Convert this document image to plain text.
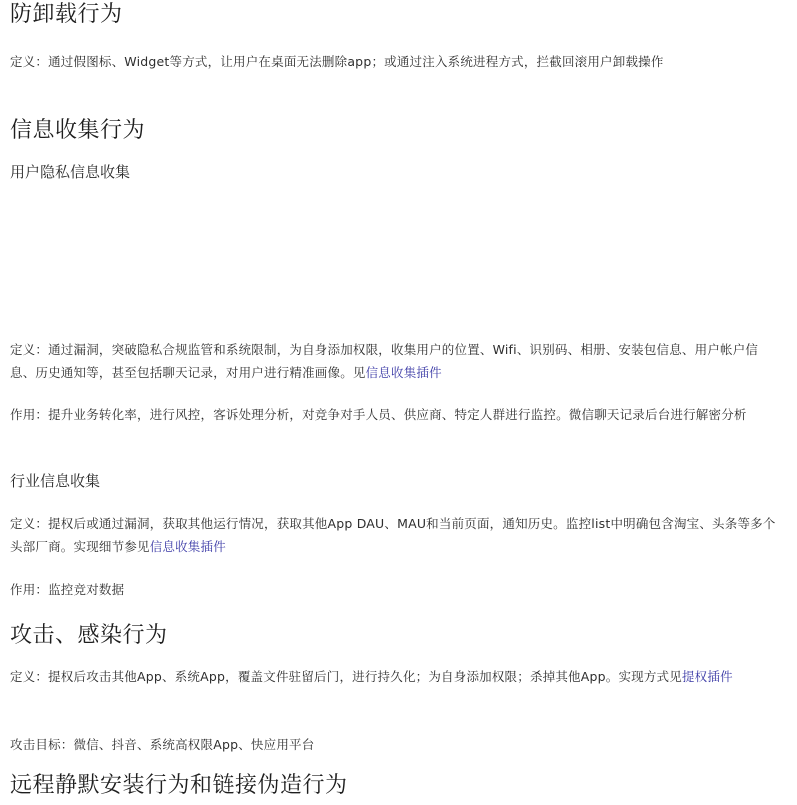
防卸载行为

定义：通过假图标、Widget等方式，让用户在桌面无法删除app；或通过注入系统进程方式，拦截回滚用户卸载操作

信息收集行为
用户隐私信息收集

定义：通过漏洞，突破隐私合规监管和系统限制，为自身添加权限，收集用户的位置、Wifi、识别码、相册、安装包信息、用户帐户信息、历史通知等，甚至包括聊天记录，对用户进行精准画像。见信息收集插件

作用：提升业务转化率，进行风控，客诉处理分析，对竞争对手人员、供应商、特定人群进行监控。微信聊天记录后台进行解密分析

行业信息收集

定义：提权后或通过漏洞，获取其他运行情况，获取其他App DAU、MAU和当前页面，通知历史。监控list中明确包含淘宝、头条等多个头部厂商。实现细节参见信息收集插件

作用：监控竞对数据

攻击、感染行为

定义：提权后攻击其他App、系统App，覆盖文件驻留后门，进行持久化；为自身添加权限；杀掉其他App。实现方式见提权插件

攻击目标：微信、抖音、系统高权限App、快应用平台

远程静默安装行为和链接伪造行为
